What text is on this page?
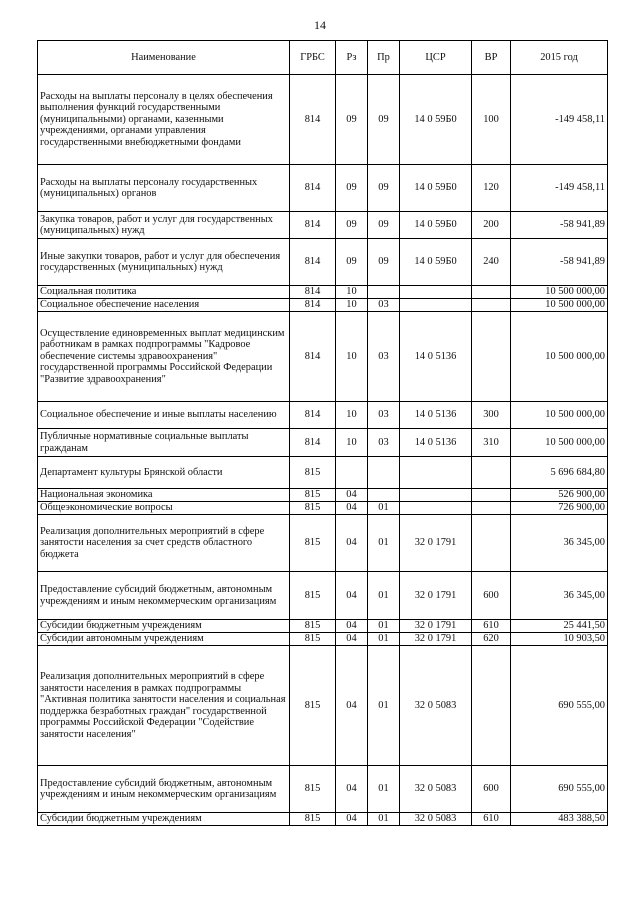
14
Наименование	ГРБС	Рз	Пр	ЦСР	ВР	2015 год
Расходы на выплаты персоналу в целях обеспечения выполнения функций государственными (муниципальными) органами, казенными учреждениями, органами управления государственными внебюджетными фондами	814	09	09	14 0 59Б0	100	-149 458,11
Расходы на выплаты персоналу государственных (муниципальных) органов	814	09	09	14 0 59Б0	120	-149 458,11
Закупка товаров, работ и услуг для государственных (муниципальных) нужд	814	09	09	14 0 59Б0	200	-58 941,89
Иные закупки товаров, работ и услуг для обеспечения государственных (муниципальных) нужд	814	09	09	14 0 59Б0	240	-58 941,89
Социальная политика	814	10				10 500 000,00
Социальное обеспечение населения	814	10	03			10 500 000,00
Осуществление единовременных выплат медицинским работникам в рамках подпрограммы "Кадровое обеспечение системы здравоохранения" государственной программы Российской Федерации "Развитие здравоохранения"	814	10	03	14 0 5136		10 500 000,00
Социальное обеспечение и иные выплаты населению	814	10	03	14 0 5136	300	10 500 000,00
Публичные нормативные социальные выплаты гражданам	814	10	03	14 0 5136	310	10 500 000,00
Департамент культуры Брянской области	815					5 696 684,80
Национальная экономика	815	04				526 900,00
Общеэкономические вопросы	815	04	01			726 900,00
Реализация дополнительных мероприятий в сфере занятости населения за счет средств областного бюджета	815	04	01	32 0 1791		36 345,00
Предоставление субсидий бюджетным, автономным учреждениям и иным некоммерческим организациям	815	04	01	32 0 1791	600	36 345,00
Субсидии бюджетным учреждениям	815	04	01	32 0 1791	610	25 441,50
Субсидии автономным учреждениям	815	04	01	32 0 1791	620	10 903,50
Реализация дополнительных мероприятий в сфере занятости населения в рамках подпрограммы "Активная политика занятости населения и социальная поддержка безработных граждан" государственной программы Российской Федерации "Содействие занятости населения"	815	04	01	32 0 5083		690 555,00
Предоставление субсидий бюджетным, автономным учреждениям и иным некоммерческим организациям	815	04	01	32 0 5083	600	690 555,00
Субсидии бюджетным учреждениям	815	04	01	32 0 5083	610	483 388,50
